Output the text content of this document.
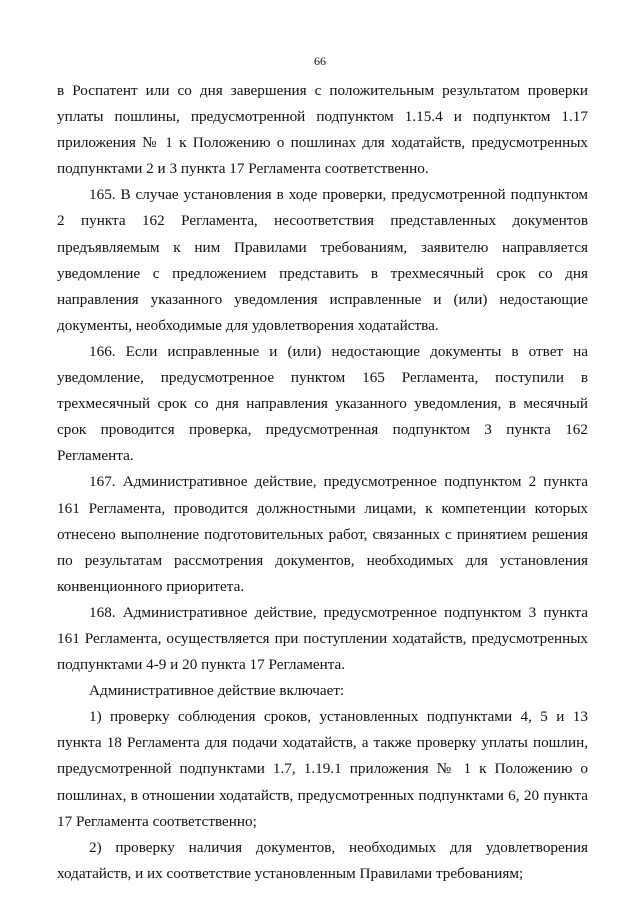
66

в Роспатент или со дня завершения с положительным результатом проверки уплаты пошлины, предусмотренной подпунктом 1.15.4 и подпунктом 1.17 приложения № 1 к Положению о пошлинах для ходатайств, предусмотренных подпунктами 2 и 3 пункта 17 Регламента соответственно.

165. В случае установления в ходе проверки, предусмотренной подпунктом 2 пункта 162 Регламента, несоответствия представленных документов предъявляемым к ним Правилами требованиям, заявителю направляется уведомление с предложением представить в трехмесячный срок со дня направления указанного уведомления исправленные и (или) недостающие документы, необходимые для удовлетворения ходатайства.

166. Если исправленные и (или) недостающие документы в ответ на уведомление, предусмотренное пунктом 165 Регламента, поступили в трехмесячный срок со дня направления указанного уведомления, в месячный срок проводится проверка, предусмотренная подпунктом 3 пункта 162 Регламента.

167. Административное действие, предусмотренное подпунктом 2 пункта 161 Регламента, проводится должностными лицами, к компетенции которых отнесено выполнение подготовительных работ, связанных с принятием решения по результатам рассмотрения документов, необходимых для установления конвенционного приоритета.

168. Административное действие, предусмотренное подпунктом 3 пункта 161 Регламента, осуществляется при поступлении ходатайств, предусмотренных подпунктами 4-9 и 20 пункта 17 Регламента.

Административное действие включает:

1) проверку соблюдения сроков, установленных подпунктами 4, 5 и 13 пункта 18 Регламента для подачи ходатайств, а также проверку уплаты пошлин, предусмотренной подпунктами 1.7, 1.19.1 приложения № 1 к Положению о пошлинах, в отношении ходатайств, предусмотренных подпунктами 6, 20 пункта 17 Регламента соответственно;

2) проверку наличия документов, необходимых для удовлетворения ходатайств, и их соответствие установленным Правилами требованиям;
